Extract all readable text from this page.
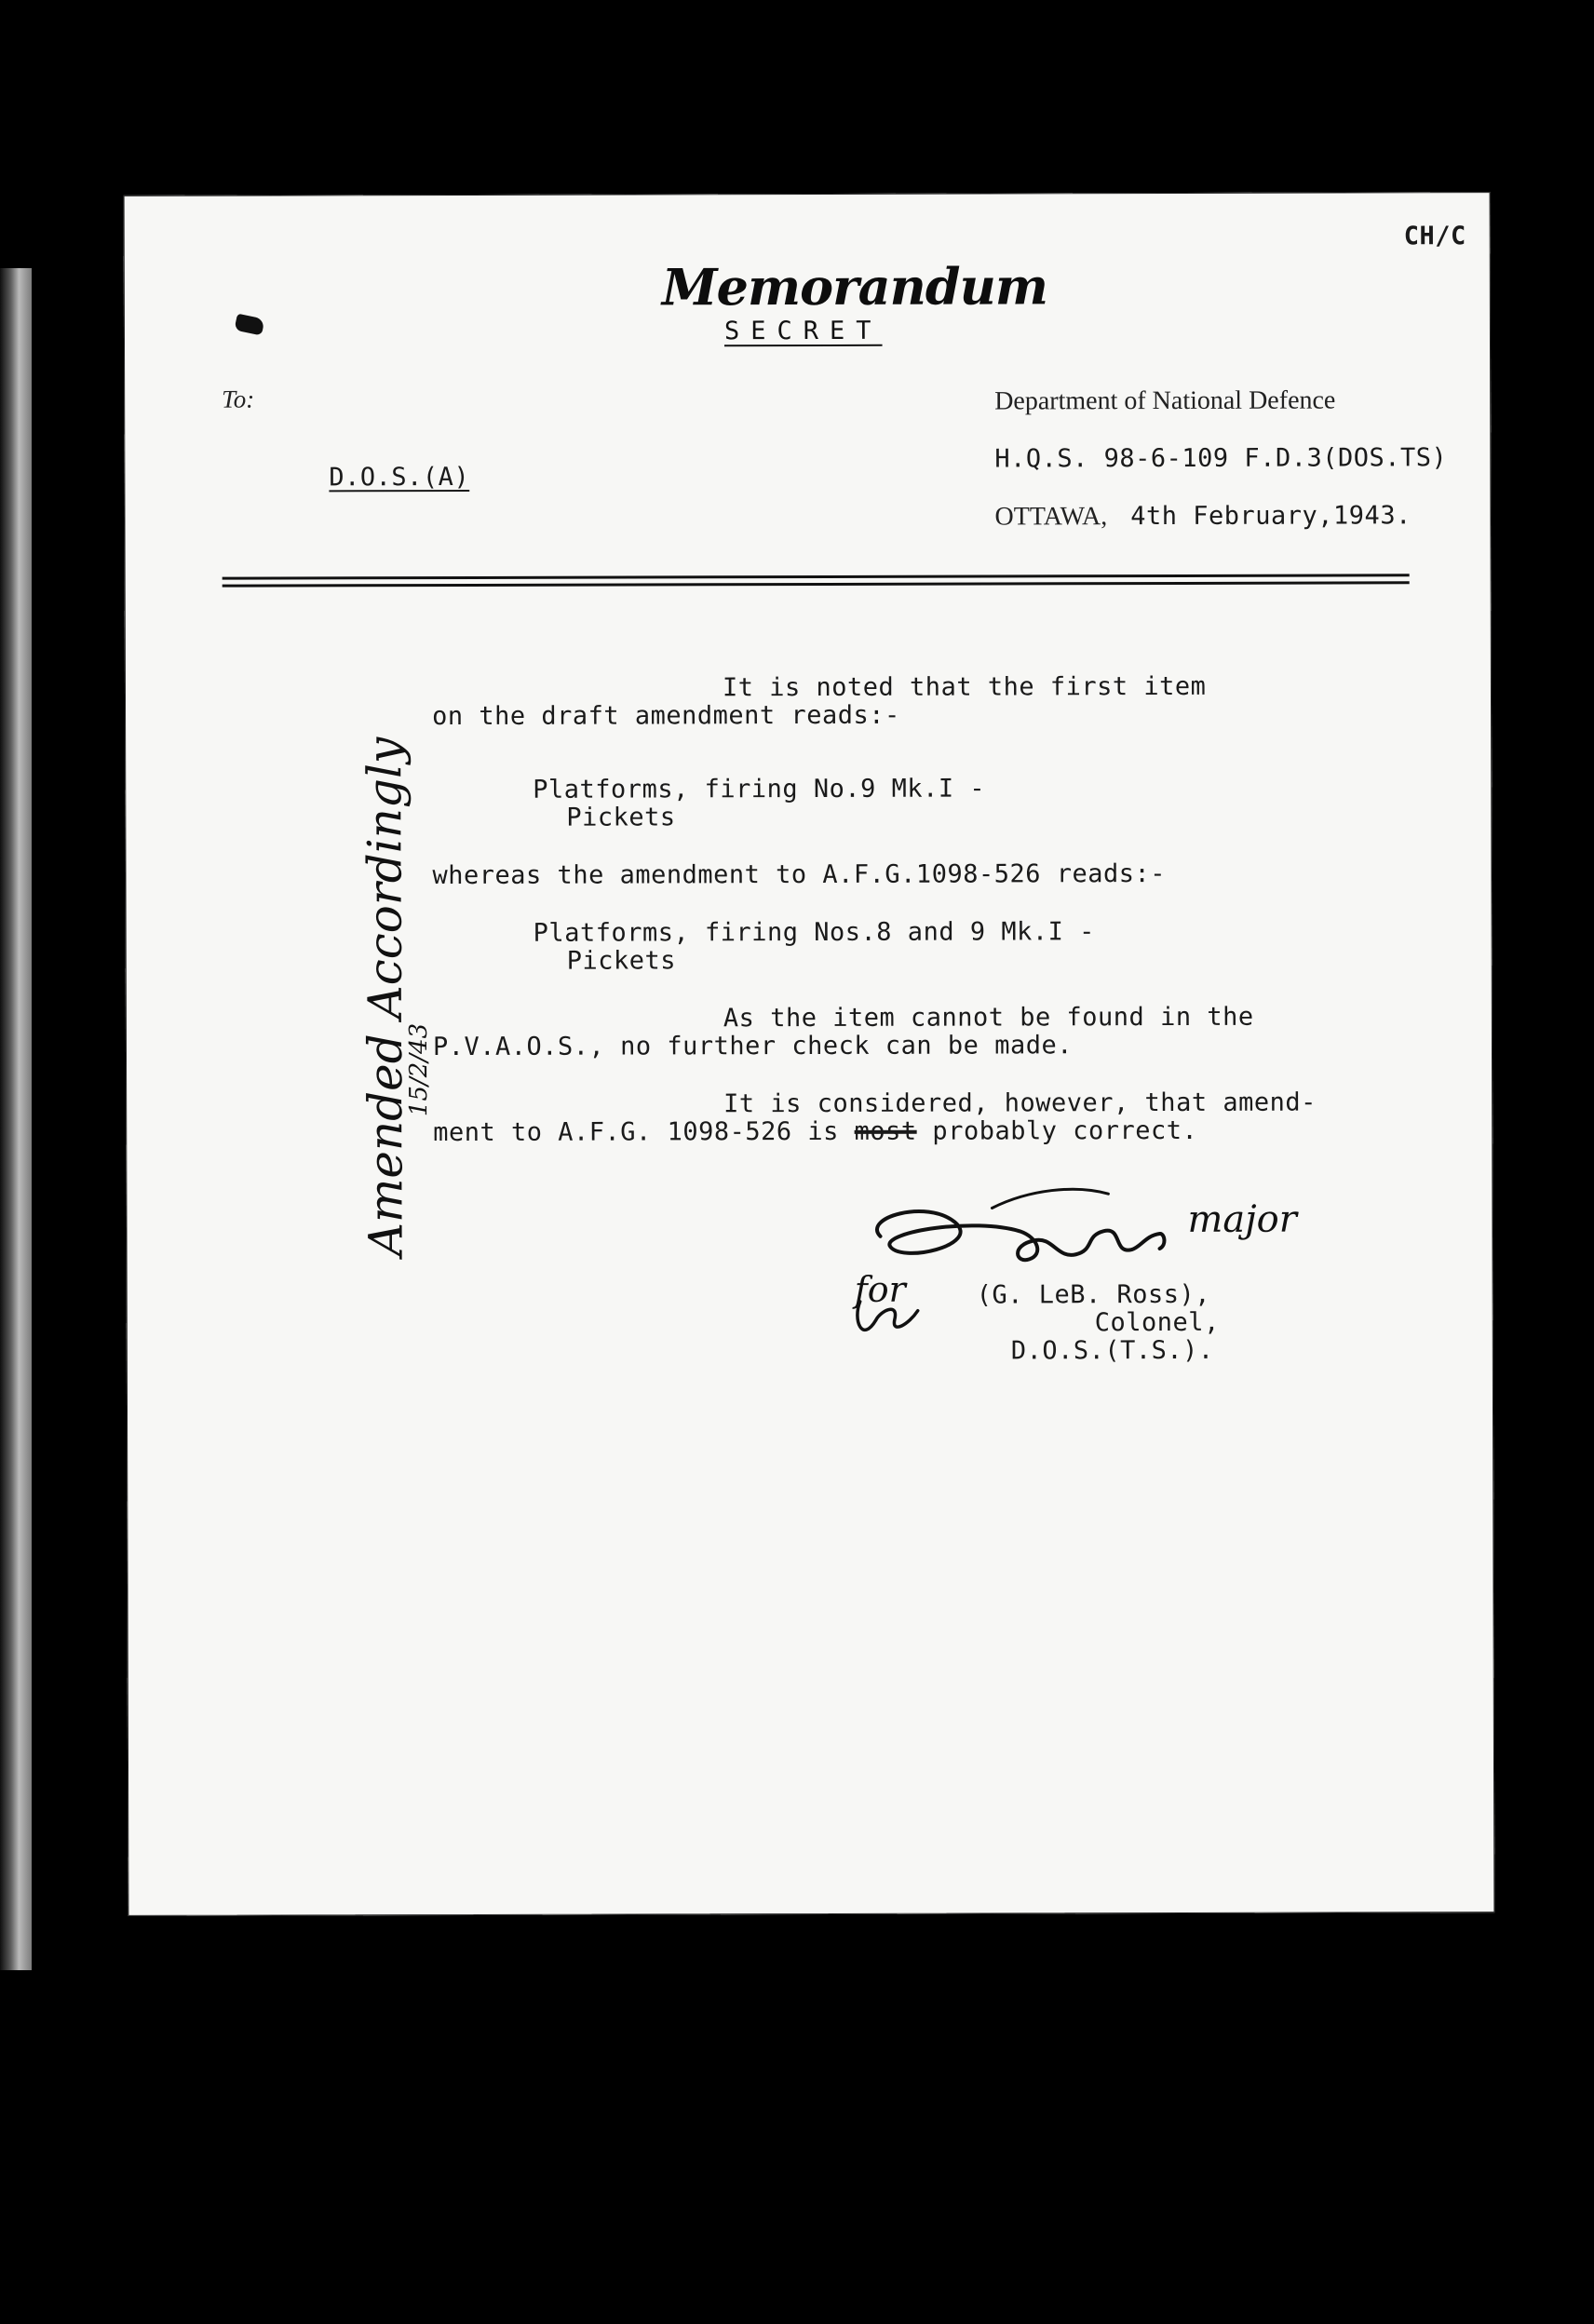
CH/C
Memorandum
SECRET
To:
D.O.S.(A)
Department of National Defence
H.Q.S. 98-6-109 F.D.3(DOS.TS)
OTTAWA, 4th February,1943.
It is noted that the first item
on the draft amendment reads:-
Platforms, firing No.9 Mk.I -
Pickets
whereas the amendment to A.F.G.1098-526 reads:-
Platforms, firing Nos.8 and 9 Mk.I -
Pickets
As the item cannot be found in the
P.V.A.O.S., no further check can be made.
It is considered, however, that amend-
ment to A.F.G. 1098-526 is most probably correct.
Amended Accordingly
15/2/43
for
major
(G. LeB. Ross),
Colonel,
D.O.S.(T.S.).
